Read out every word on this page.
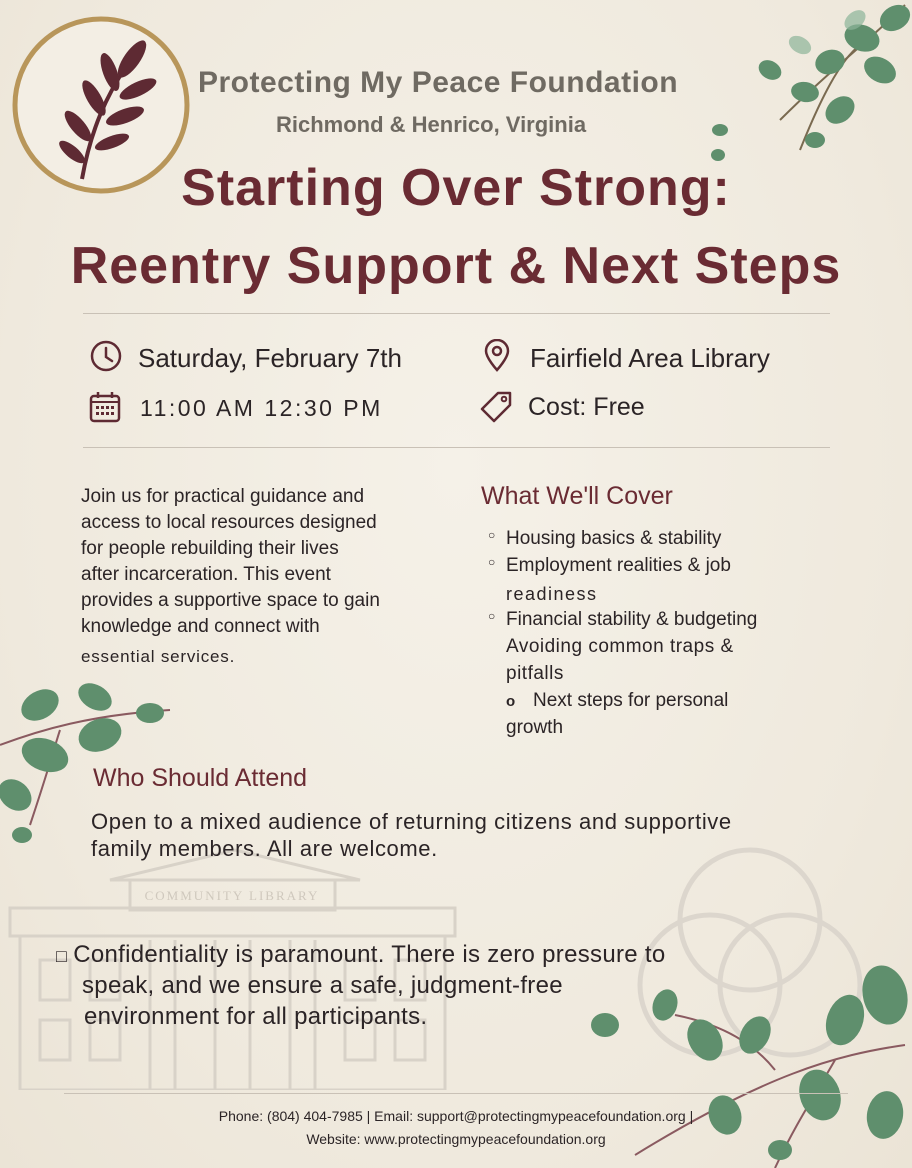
COMMUNITY LIBRARY
Protecting My Peace Foundation
Richmond & Henrico, Virginia
Starting Over Strong:
Reentry Support & Next Steps
Saturday, February 7th	Fairfield Area Library
11:00 AM 12:30 PM	Cost: Free
Join us for practical guidance and
access to local resources designed
for people rebuilding their lives
after incarceration. This event
provides a supportive space to gain
knowledge and connect with
essential services.
What We'll Cover
○ Housing basics & stability
○ Employment realities & job
readiness
○ Financial stability & budgeting
Avoiding common traps &
pitfalls
o Next steps for personal
growth
Who Should Attend
Open to a mixed audience of returning citizens and supportive
family members. All are welcome.
□ Confidentiality is paramount. There is zero pressure to
speak, and we ensure a safe, judgment-free
environment for all participants.
Phone: (804) 404-7985 | Email: support@protectingmypeacefoundation.org |
Website: www.protectingmypeacefoundation.org
